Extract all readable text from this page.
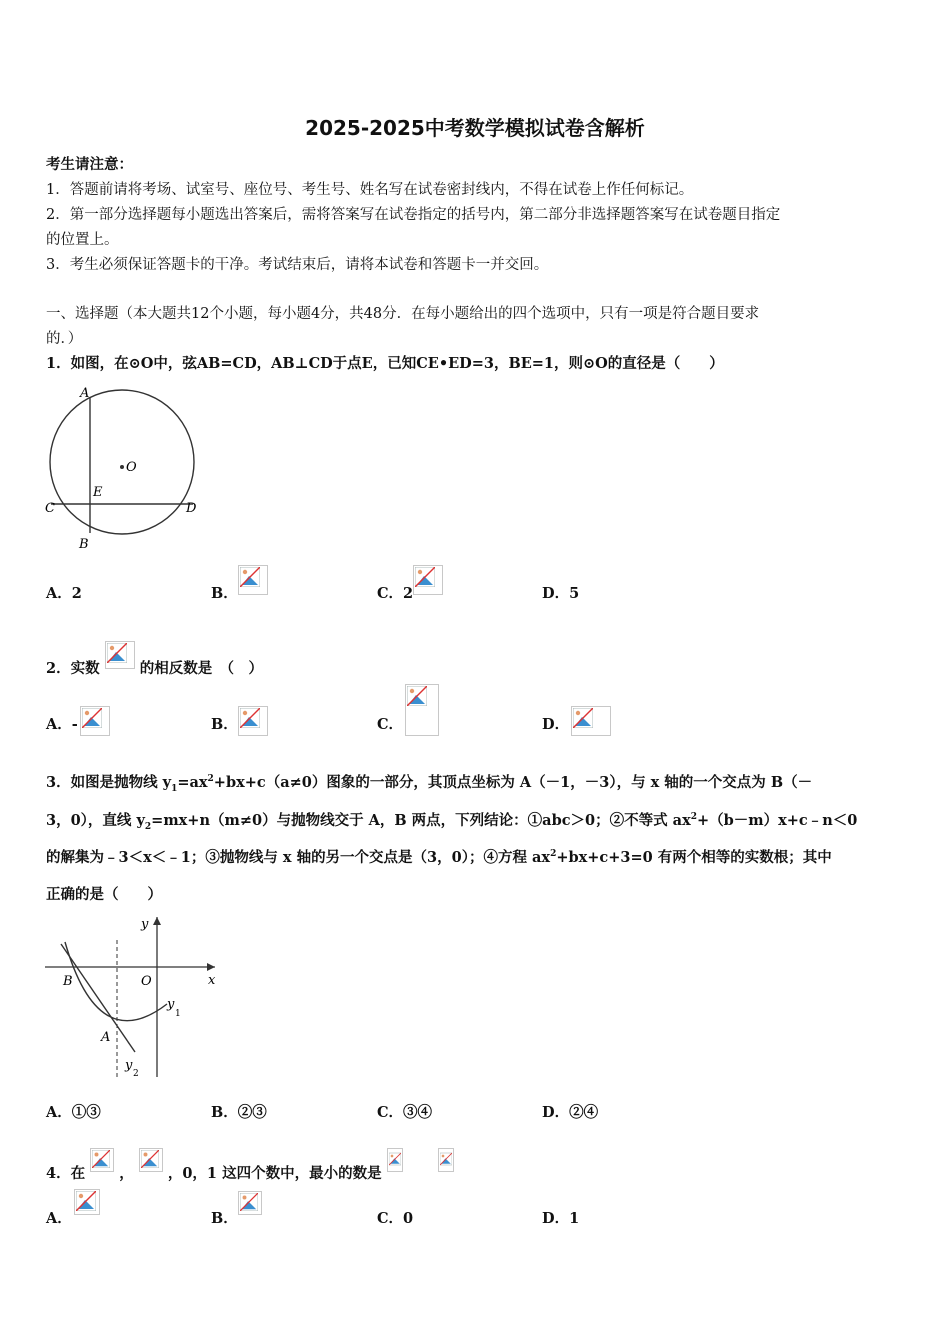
2025-2025中考数学模拟试卷含解析
考生请注意：
1．答题前请将考场、试室号、座位号、考生号、姓名写在试卷密封线内，不得在试卷上作任何标记。
2．第一部分选择题每小题选出答案后，需将答案写在试卷指定的括号内，第二部分非选择题答案写在试卷题目指定
的位置上。
3．考生必须保证答题卡的干净。考试结束后，请将本试卷和答题卡一并交回。
一、选择题（本大题共12个小题，每小题4分，共48分．在每小题给出的四个选项中，只有一项是符合题目要求
的．）
1．如图，在⊙O中，弦AB=CD，AB⊥CD于点E，已知CE•ED=3，BE=1，则⊙O的直径是（　　）
A
O
E
C	D
B
A．2	B．	C．2	D．5
2．实数	的相反数是　（　）
A．-	B．	C．	D．
3．如图是抛物线 $y_1=ax^2+bx+c(a\ne 0)$图象的一部分，其顶点坐标为 A（－1，－3），与 x 轴的一个交点为 B（－
3，0），直线 $y_2=mx+n(m\ne 0)$与抛物线交于 A，B 两点，下列结论：①abc＞0；②不等式 $ax^2+(b-m)x+c﹣n<0$
的解集为﹣3＜x＜﹣1；③抛物线与 x 轴的另一个交点是（3，0）；④方程 $ax^2+bx+c+3=0$ 有两个相等的实数根；其中
正确的是（　　）
y
x
B	O
A
y
1
y
2
A．①③	B．②③	C．③④	D．②④
4．在 ， ，0，1 这四个数中，最小的数是

A．	B．	C．0	D．1
